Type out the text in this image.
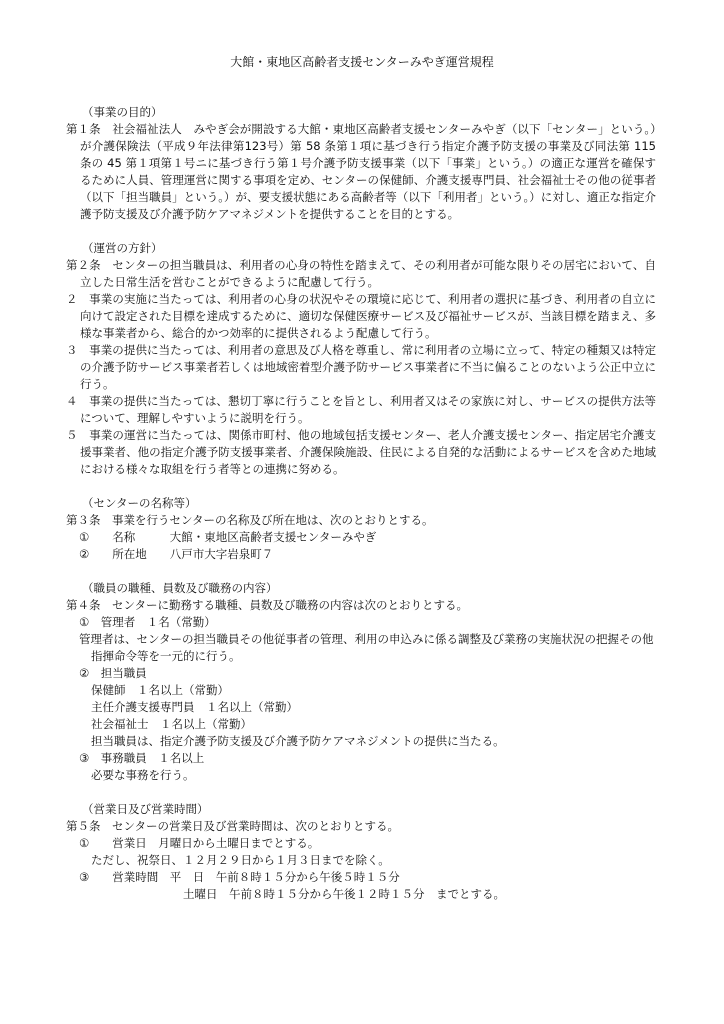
大館・東地区高齢者支援センターみやぎ運営規程
（事業の目的）
第１条　社会福祉法人　みやぎ会が開設する大館・東地区高齢者支援センターみやぎ（以下「センター」という。）が介護保険法（平成９年法律第123号）第 58 条第１項に基づき行う指定介護予防支援の事業及び同法第 115 条の 45 第１項第１号ニに基づき行う第１号介護予防支援事業（以下「事業」という。）の適正な運営を確保するために人員、管理運営に関する事項を定め、センターの保健師、介護支援専門員、社会福祉士その他の従事者（以下「担当職員」という。）が、要支援状態にある高齢者等（以下「利用者」という。）に対し、適正な指定介護予防支援及び介護予防ケアマネジメントを提供することを目的とする。
（運営の方針）
第２条　センターの担当職員は、利用者の心身の特性を踏まえて、その利用者が可能な限りその居宅において、自立した日常生活を営むことができるように配慮して行う。
２　事業の実施に当たっては、利用者の心身の状況やその環境に応じて、利用者の選択に基づき、利用者の自立に向けて設定された目標を達成するために、適切な保健医療サービス及び福祉サービスが、当該目標を踏まえ、多様な事業者から、総合的かつ効率的に提供されるよう配慮して行う。
３　事業の提供に当たっては、利用者の意思及び人格を尊重し、常に利用者の立場に立って、特定の種類又は特定の介護予防サービス事業者若しくは地域密着型介護予防サービス事業者に不当に偏ることのないよう公正中立に行う。
４　事業の提供に当たっては、懇切丁寧に行うことを旨とし、利用者又はその家族に対し、サービスの提供方法等について、理解しやすいように説明を行う。
５　事業の運営に当たっては、関係市町村、他の地域包括支援センター、老人介護支援センター、指定居宅介護支援事業者、他の指定介護予防支援事業者、介護保険施設、住民による自発的な活動によるサービスを含めた地域における様々な取組を行う者等との連携に努める。
（センターの名称等）
第３条　事業を行うセンターの名称及び所在地は、次のとおりとする。
①　　名称　　　大館・東地区高齢者支援センターみやぎ
②　　所在地　　八戸市大字岩泉町７
（職員の職種、員数及び職務の内容）
第４条　センターに勤務する職種、員数及び職務の内容は次のとおりとする。
①　管理者　１名（常勤）
管理者は、センターの担当職員その他従事者の管理、利用の申込みに係る調整及び業務の実施状況の把握その他指揮命令等を一元的に行う。
②　担当職員
保健師　１名以上（常勤）
主任介護支援専門員　１名以上（常勤）
社会福祉士　１名以上（常勤）
担当職員は、指定介護予防支援及び介護予防ケアマネジメントの提供に当たる。
③　事務職員　１名以上
必要な事務を行う。
（営業日及び営業時間）
第５条　センターの営業日及び営業時間は、次のとおりとする。
①　　営業日　月曜日から土曜日までとする。
ただし、祝祭日、１２月２９日から１月３日までを除く。
③　　営業時間　平　日　午前８時１５分から午後５時１５分
土曜日　午前８時１５分から午後１２時１５分　までとする。
